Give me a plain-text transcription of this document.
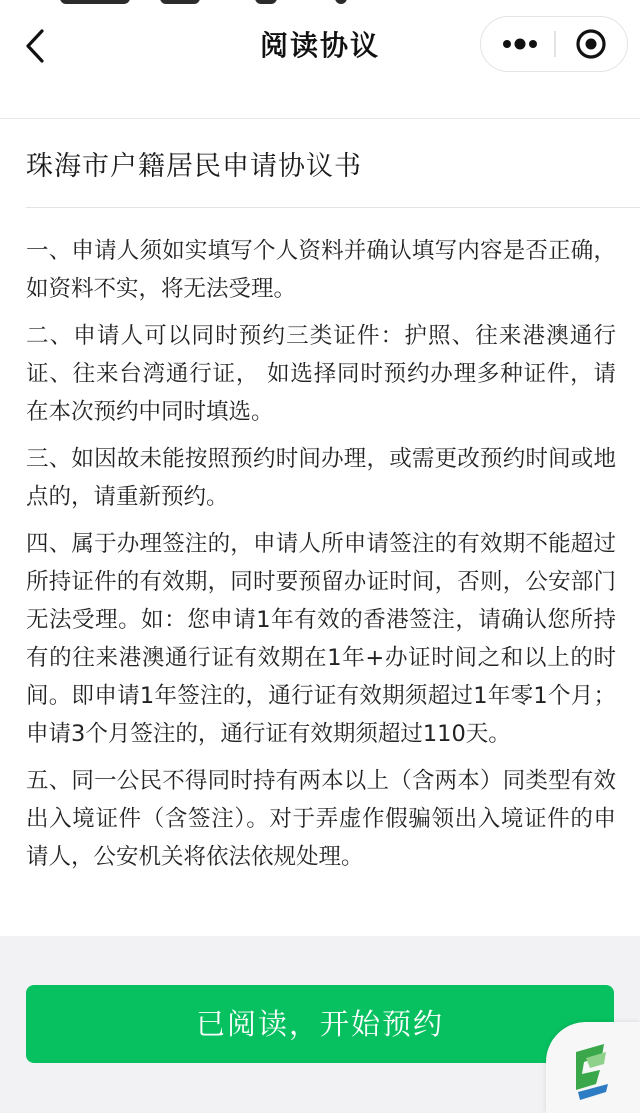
阅读协议
珠海市户籍居民申请协议书

一、申请人须如实填写个人资料并确认填写内容是否正确，如资料不实，将无法受理。

二、申请人可以同时预约三类证件：护照、往来港澳通行证、往来台湾通行证， 如选择同时预约办理多种证件，请在本次预约中同时填选。

三、如因故未能按照预约时间办理，或需更改预约时间或地点的，请重新预约。

四、属于办理签注的，申请人所申请签注的有效期不能超过所持证件的有效期，同时要预留办证时间，否则，公安部门无法受理。如：您申请1年有效的香港签注，请确认您所持有的往来港澳通行证有效期在1年+办证时间之和以上的时间。即申请1年签注的，通行证有效期须超过1年零1个月；申请3个月签注的，通行证有效期须超过110天。

五、同一公民不得同时持有两本以上（含两本）同类型有效出入境证件（含签注）。对于弄虚作假骗领出入境证件的申请人，公安机关将依法依规处理。

已阅读，开始预约
